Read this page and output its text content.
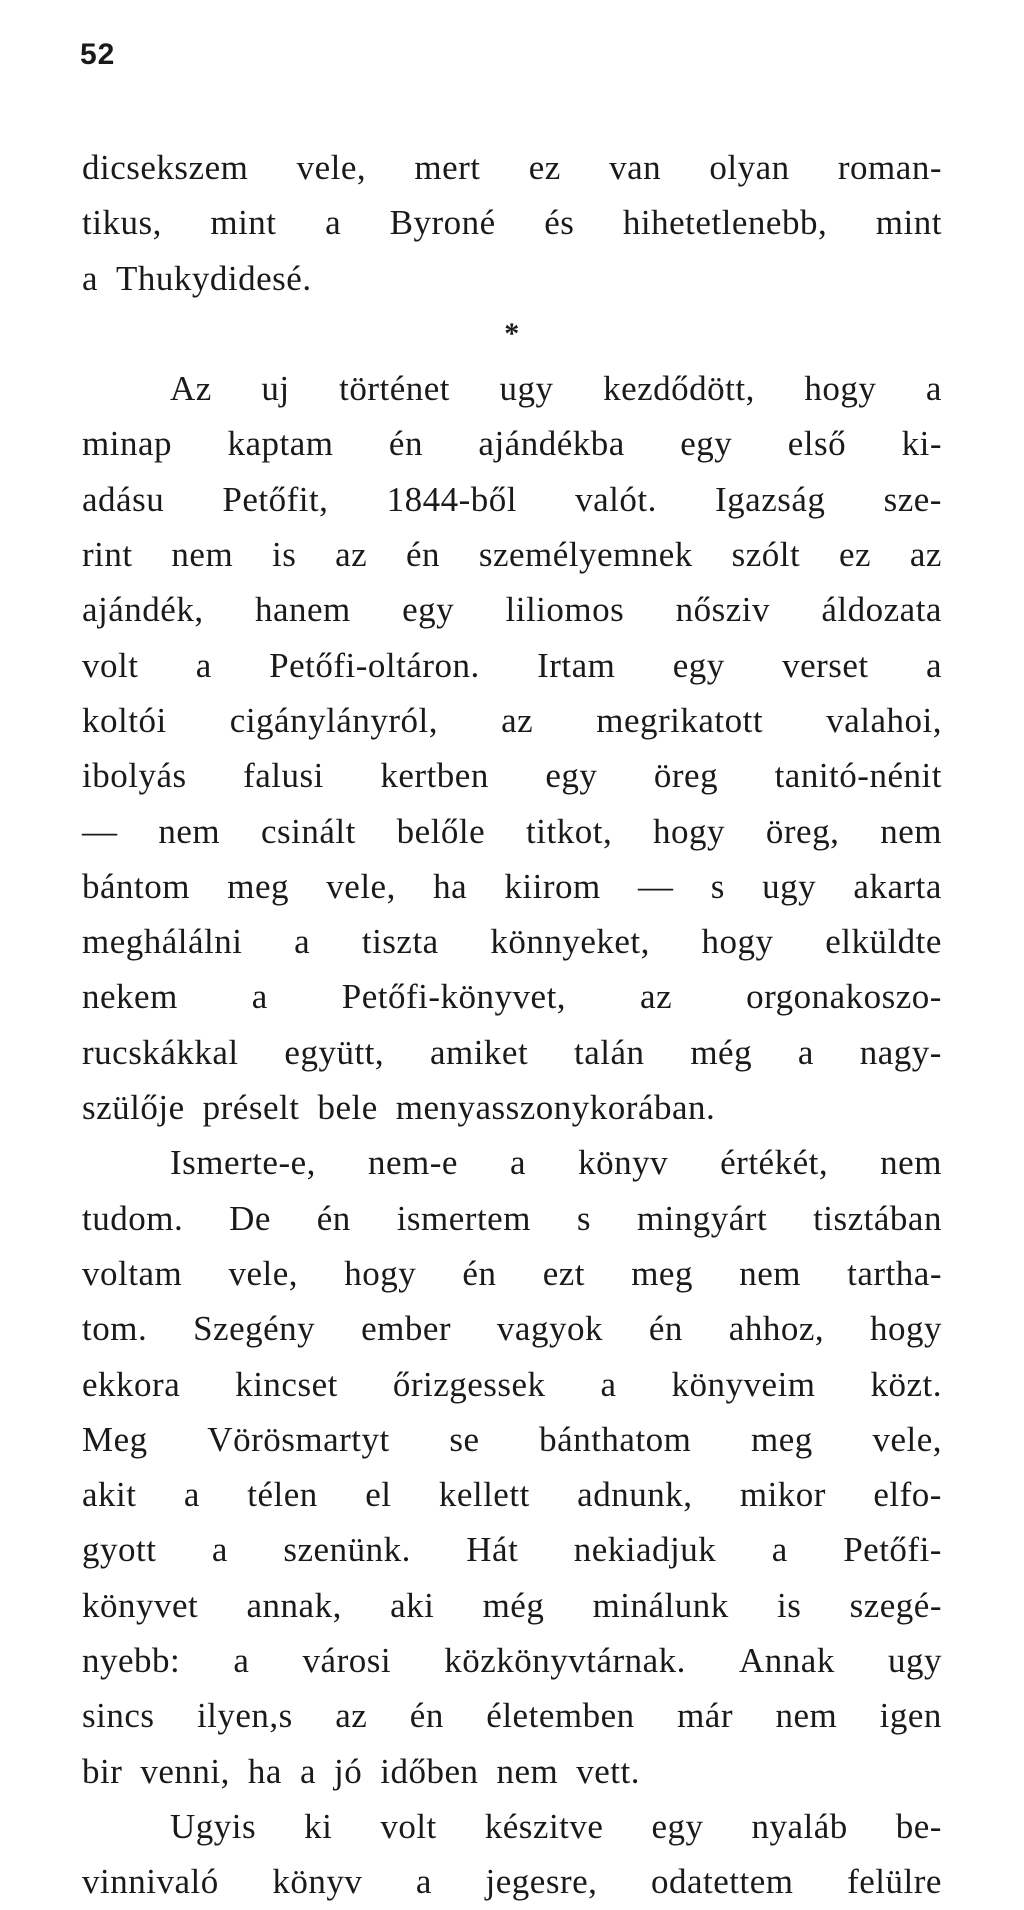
52
dicsekszem vele, mert ez van olyan roman-
tikus, mint a Byroné és hihetetlenebb, mint
a Thukydidesé.
*
Az uj történet ugy kezdődött, hogy a
minap kaptam én ajándékba egy első ki-
adásu Petőfit, 1844-ből valót. Igazság sze-
rint nem is az én személyemnek szólt ez az
ajándék, hanem egy liliomos nősziv áldozata
volt a Petőfi-oltáron. Irtam egy verset a
koltói cigánylányról, az megrikatott valahoi,
ibolyás falusi kertben egy öreg tanitó-nénit
— nem csinált belőle titkot, hogy öreg, nem
bántom meg vele, ha kiirom — s ugy akarta
meghálálni a tiszta könnyeket, hogy elküldte
nekem a Petőfi-könyvet, az orgonakoszo-
rucskákkal együtt, amiket talán még a nagy-
szülője préselt bele menyasszonykorában.
Ismerte-e, nem-e a könyv értékét, nem
tudom. De én ismertem s mingyárt tisztában
voltam vele, hogy én ezt meg nem tartha-
tom. Szegény ember vagyok én ahhoz, hogy
ekkora kincset őrizgessek a könyveim közt.
Meg Vörösmartyt se bánthatom meg vele,
akit a télen el kellett adnunk, mikor elfo-
gyott a szenünk. Hát nekiadjuk a Petőfi-
könyvet annak, aki még minálunk is szegé-
nyebb: a városi közkönyvtárnak. Annak ugy
sincs ilyen,s az én életemben már nem igen
bir venni, ha a jó időben nem vett.
Ugyis ki volt készitve egy nyaláb be-
vinnivaló könyv a jegesre, odatettem felülre
